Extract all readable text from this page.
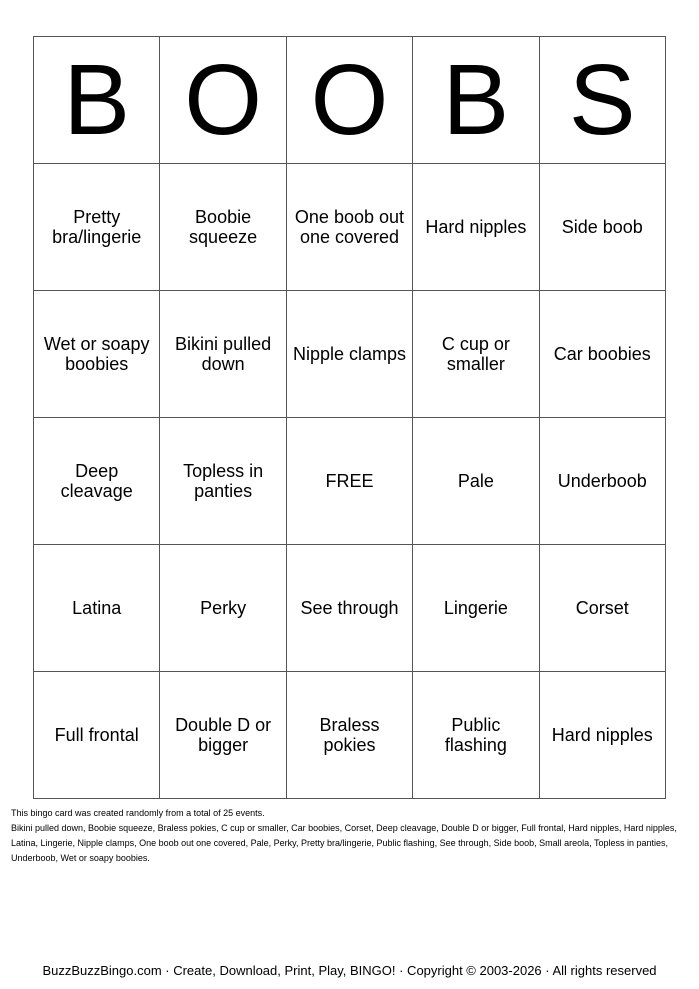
B	O	O	B	S
Pretty bra/lingerie	Boobie squeeze	One boob out one covered	Hard nipples	Side boob
Wet or soapy boobies	Bikini pulled down	Nipple clamps	C cup or smaller	Car boobies
Deep cleavage	Topless in panties	FREE	Pale	Underboob
Latina	Perky	See through	Lingerie	Corset
Full frontal	Double D or bigger	Braless pokies	Public flashing	Hard nipples

This bingo card was created randomly from a total of 25 events.

Bikini pulled down, Boobie squeeze, Braless pokies, C cup or smaller, Car boobies, Corset, Deep cleavage, Double D or bigger, Full frontal, Hard nipples, Hard nipples, Latina, Lingerie, Nipple clamps, One boob out one covered, Pale, Perky, Pretty bra/lingerie, Public flashing, See through, Side boob, Small areola, Topless in panties, Underboob, Wet or soapy boobies.

BuzzBuzzBingo.com · Create, Download, Print, Play, BINGO! · Copyright © 2003-2026 · All rights reserved
